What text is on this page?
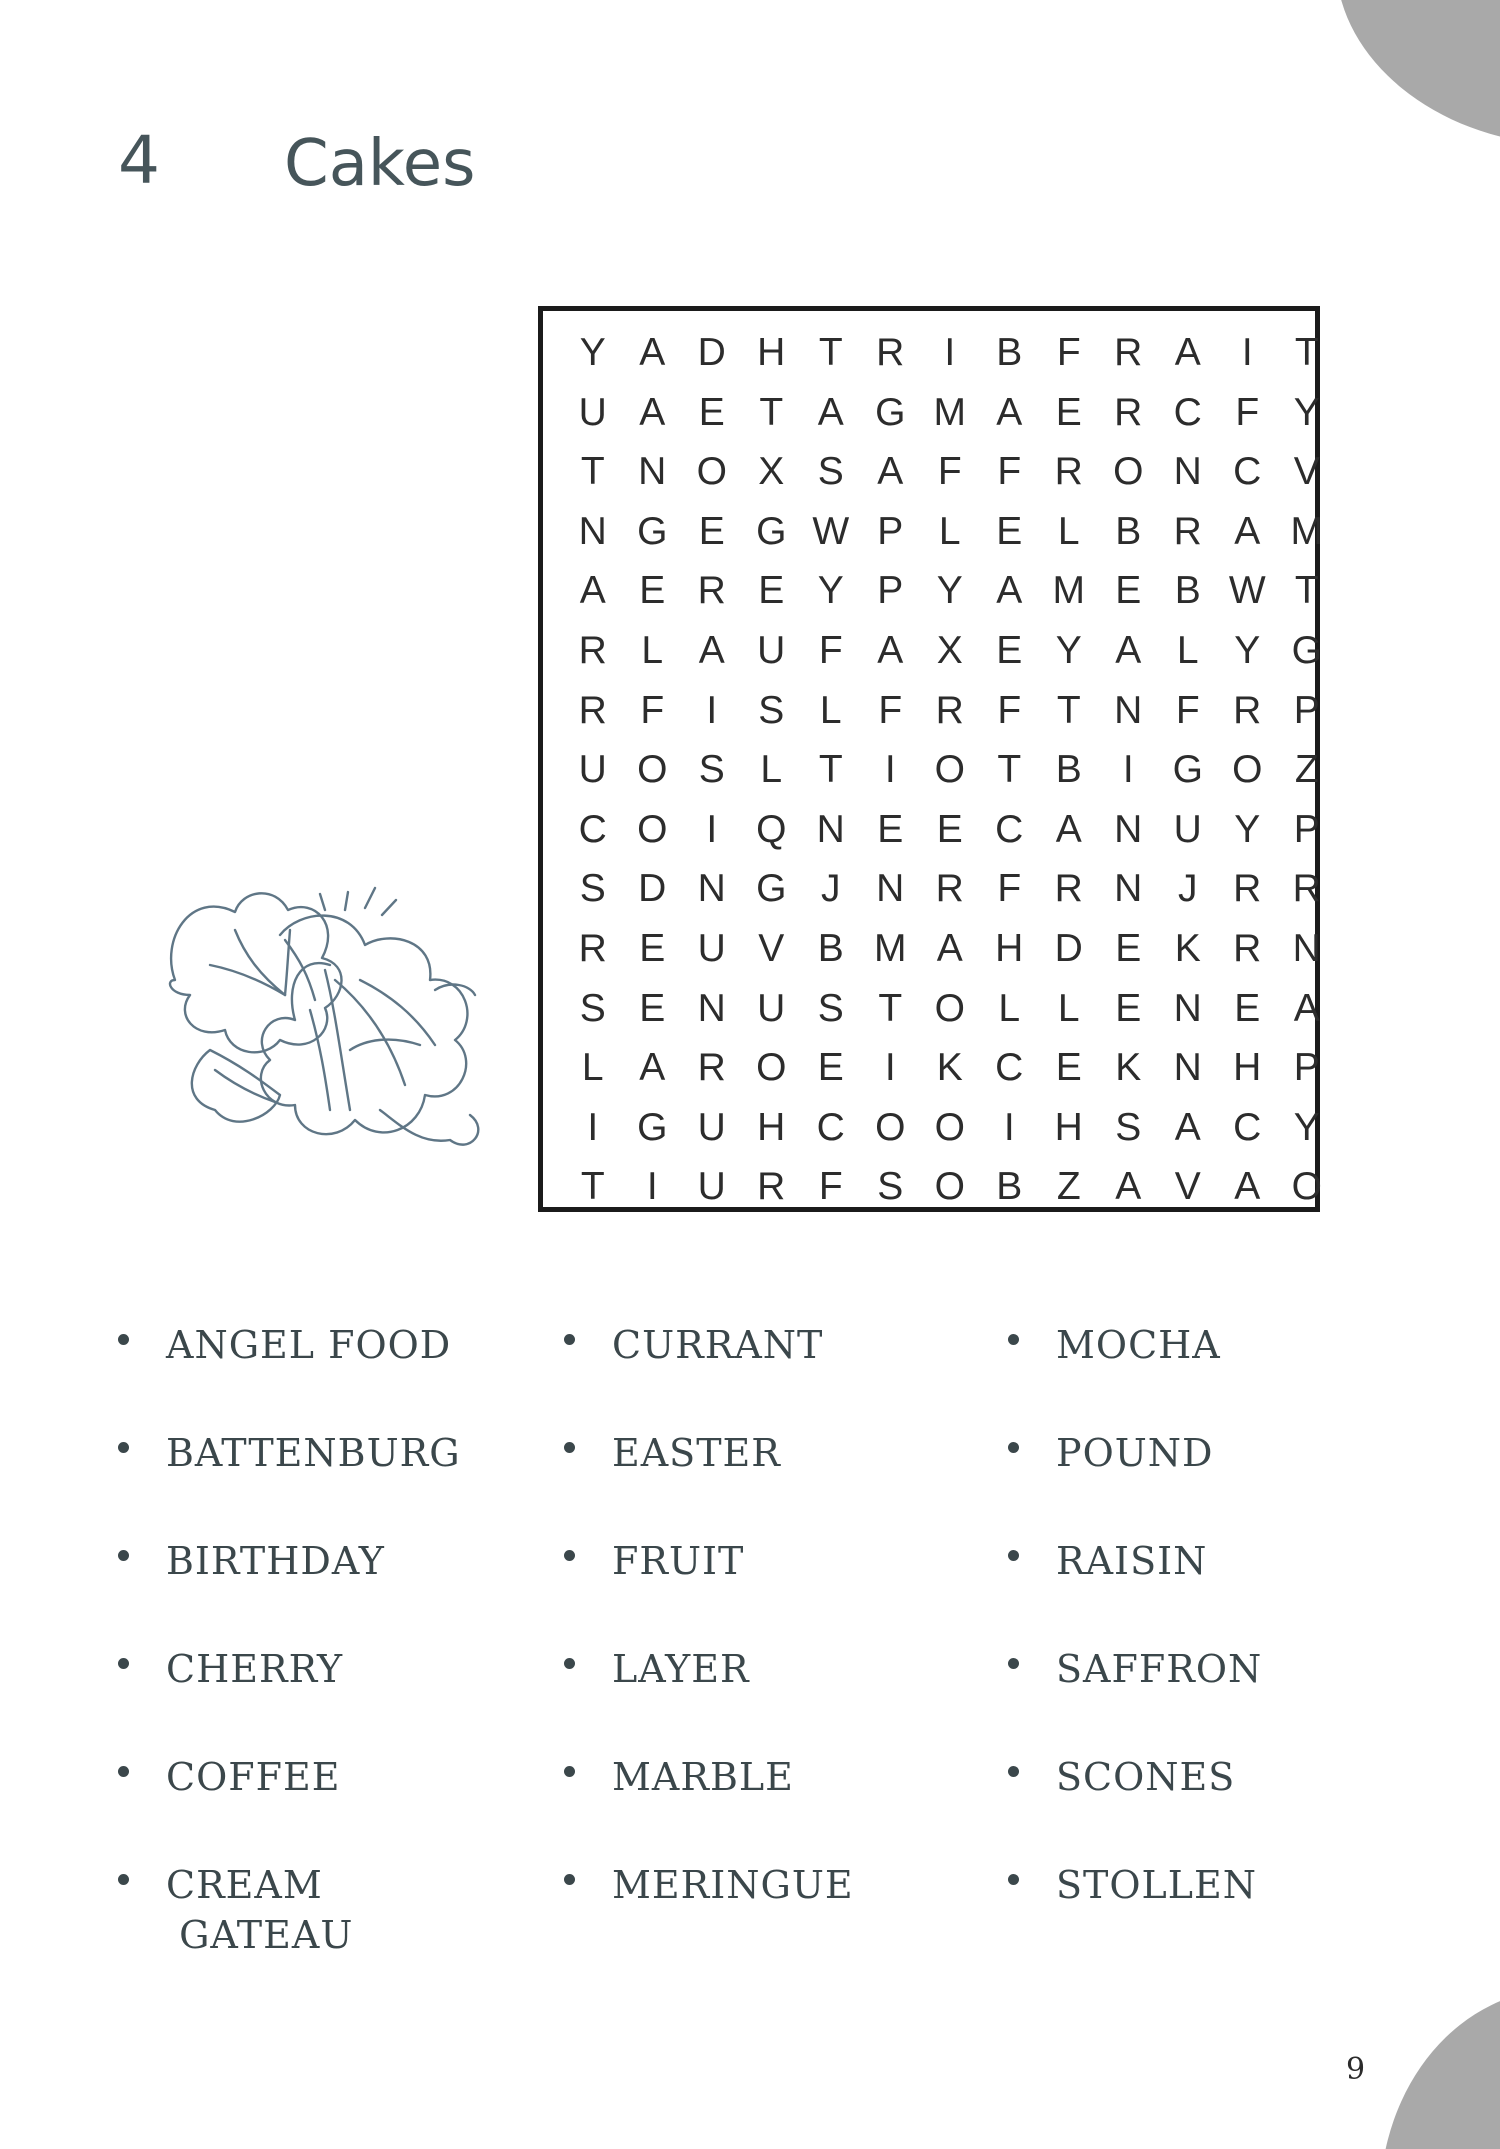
4 Cakes
Y A D H T R	I	B F R A	I	T
U A E T A G M A E R C F Y
T N O X S A F F R O N C V
N G E G W P L E L B R A M
A E R E Y P Y A M E B W T
R L A U F A X E Y A L Y G
R F	I	S L F R F T N F R P
U O S L T	I O T B	I G O Z
C O I Q N E E C A N U Y P
S D N G J N R F R N J R R
R E U V B M A H D E K R N
S E N U S T O L L E N E A
L A R O E	I	K C E K N H P
I G U H C O O I	H S A C Y
T	I	U R F S O B Z A V A O
ANGEL FOOD
BATTENBURG
BIRTHDAY
CHERRY
COFFEE
CREAM
GATEAU
CURRANT
EASTER
FRUIT
LAYER
MARBLE
MERINGUE
MOCHA
POUND
RAISIN
SAFFRON
SCONES
STOLLEN
9
